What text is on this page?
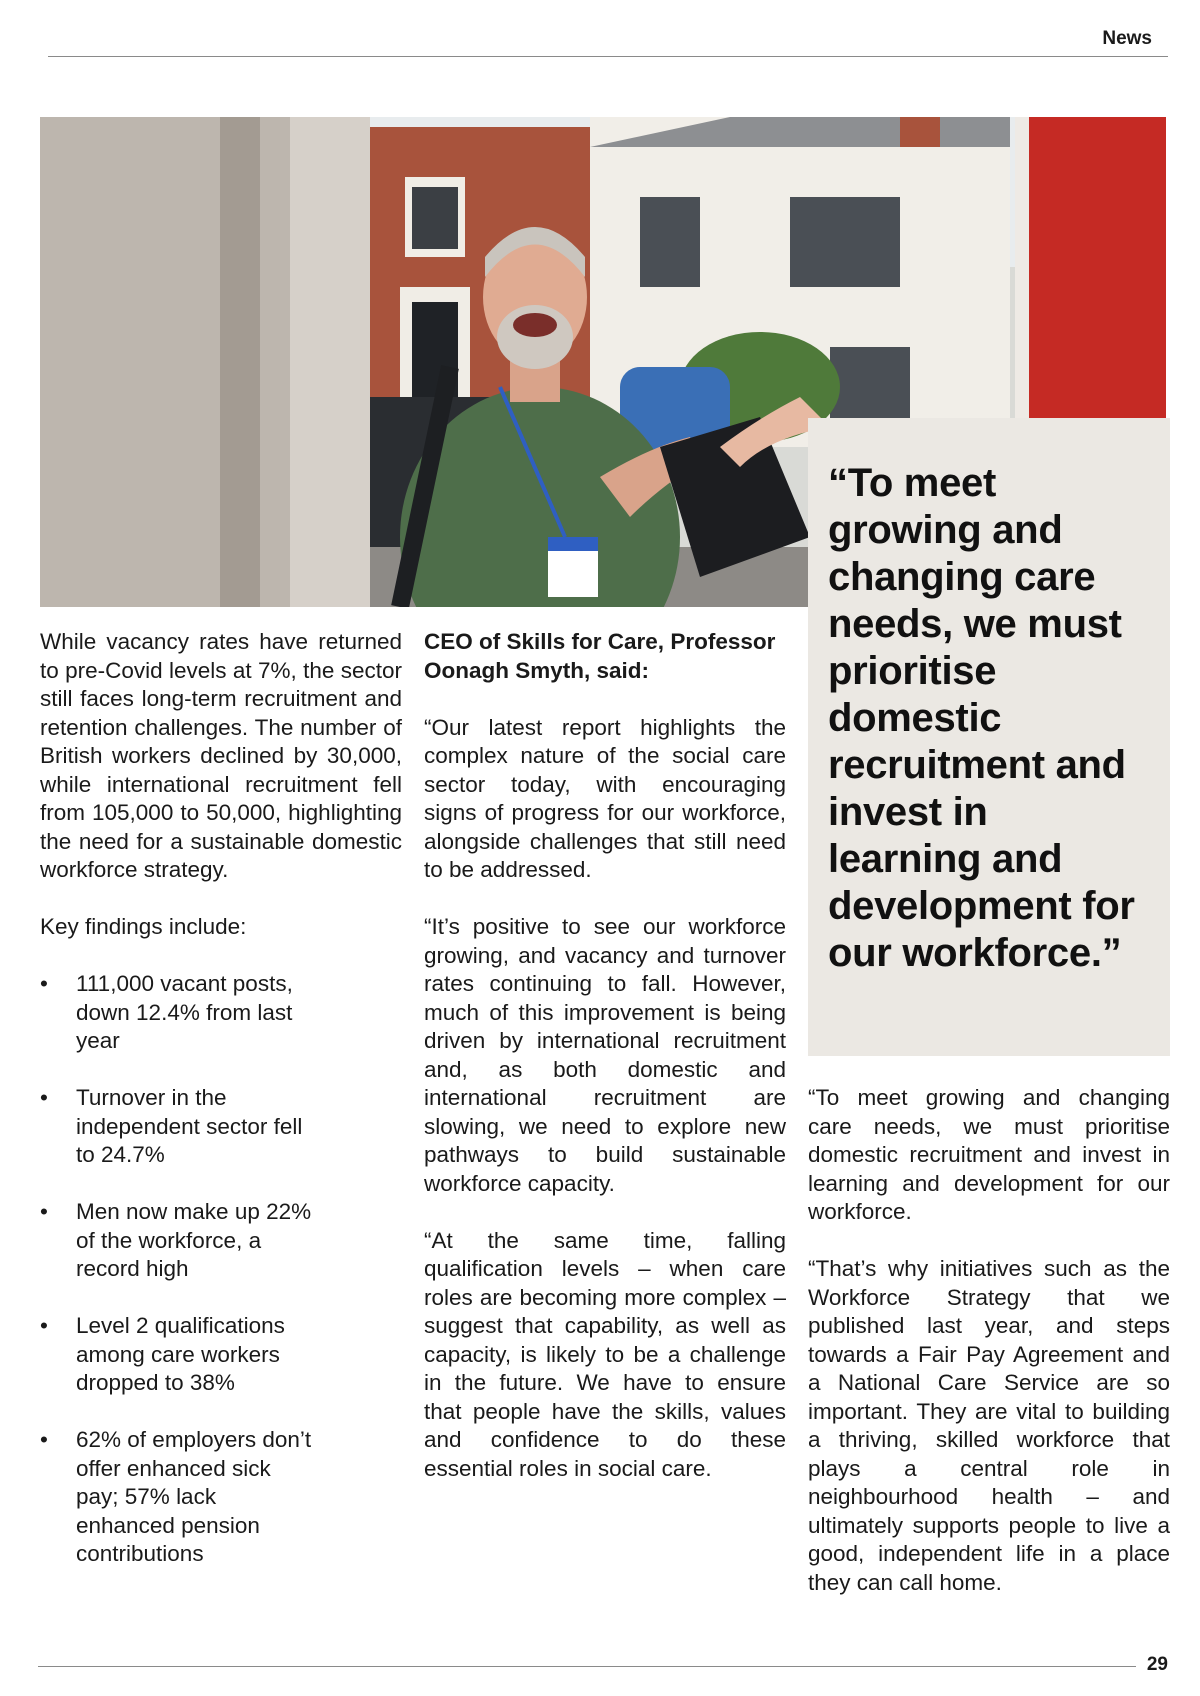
News
“To meet growing and changing care needs, we must prioritise domestic recruitment and invest in learning and development for our workforce.”

While vacancy rates have returned to pre-Covid levels at 7%, the sector still faces long-term recruitment and retention challenges. The number of British workers declined by 30,000, while international recruitment fell from 105,000 to 50,000, highlighting the need for a sustainable domestic workforce strategy.

Key findings include:

• 111,000 vacant posts, down 12.4% from last year
• Turnover in the independent sector fell to 24.7%
• Men now make up 22% of the workforce, a record high
• Level 2 qualifications among care workers dropped to 38%
• 62% of employers don’t offer enhanced sick pay; 57% lack enhanced pension contributions

CEO of Skills for Care, Professor Oonagh Smyth, said:

“Our latest report highlights the complex nature of the social care sector today, with encouraging signs of progress for our workforce, alongside challenges that still need to be addressed.

“It’s positive to see our workforce growing, and vacancy and turnover rates continuing to fall. However, much of this improvement is being driven by international recruitment and, as both domestic and international recruitment are slowing, we need to explore new pathways to build sustainable workforce capacity.

“At the same time, falling qualification levels – when care roles are becoming more complex – suggest that capability, as well as capacity, is likely to be a challenge in the future. We have to ensure that people have the skills, values and confidence to do these essential roles in social care.

“To meet growing and changing care needs, we must prioritise domestic recruitment and invest in learning and development for our workforce.

“That’s why initiatives such as the Workforce Strategy that we published last year, and steps towards a Fair Pay Agreement and a National Care Service are so important. They are vital to building a thriving, skilled workforce that plays a central role in neighbourhood health – and ultimately supports people to live a good, independent life in a place they can call home.

29
